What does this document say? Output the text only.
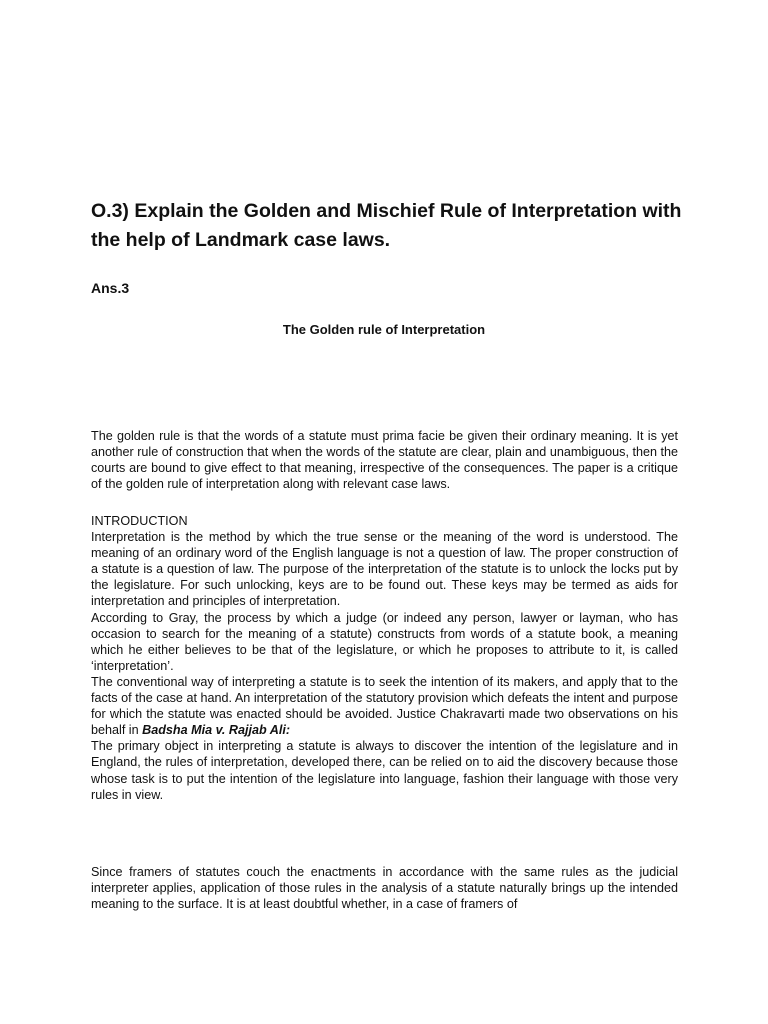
O.3) Explain the Golden and Mischief Rule of Interpretation with the help of Landmark case laws.
Ans.3
The Golden rule of Interpretation

The golden rule is that the words of a statute must prima facie be given their ordinary meaning. It is yet another rule of construction that when the words of the statute are clear, plain and unambiguous, then the courts are bound to give effect to that meaning, irrespective of the consequences. The paper is a critique of the golden rule of interpretation along with relevant case laws.

INTRODUCTION

Interpretation is the method by which the true sense or the meaning of the word is understood. The meaning of an ordinary word of the English language is not a question of law. The proper construction of a statute is a question of law. The purpose of the interpretation of the statute is to unlock the locks put by the legislature. For such unlocking, keys are to be found out. These keys may be termed as aids for interpretation and principles of interpretation.

According to Gray, the process by which a judge (or indeed any person, lawyer or layman, who has occasion to search for the meaning of a statute) constructs from words of a statute book, a meaning which he either believes to be that of the legislature, or which he proposes to attribute to it, is called ‘interpretation’.

The conventional way of interpreting a statute is to seek the intention of its makers, and apply that to the facts of the case at hand. An interpretation of the statutory provision which defeats the intent and purpose for which the statute was enacted should be avoided. Justice Chakravarti made two observations on his behalf in Badsha Mia v. Rajjab Ali:

The primary object in interpreting a statute is always to discover the intention of the legislature and in England, the rules of interpretation, developed there, can be relied on to aid the discovery because those whose task is to put the intention of the legislature into language, fashion their language with those very rules in view.

Since framers of statutes couch the enactments in accordance with the same rules as the judicial interpreter applies, application of those rules in the analysis of a statute naturally brings up the intended meaning to the surface. It is at least doubtful whether, in a case of framers of
